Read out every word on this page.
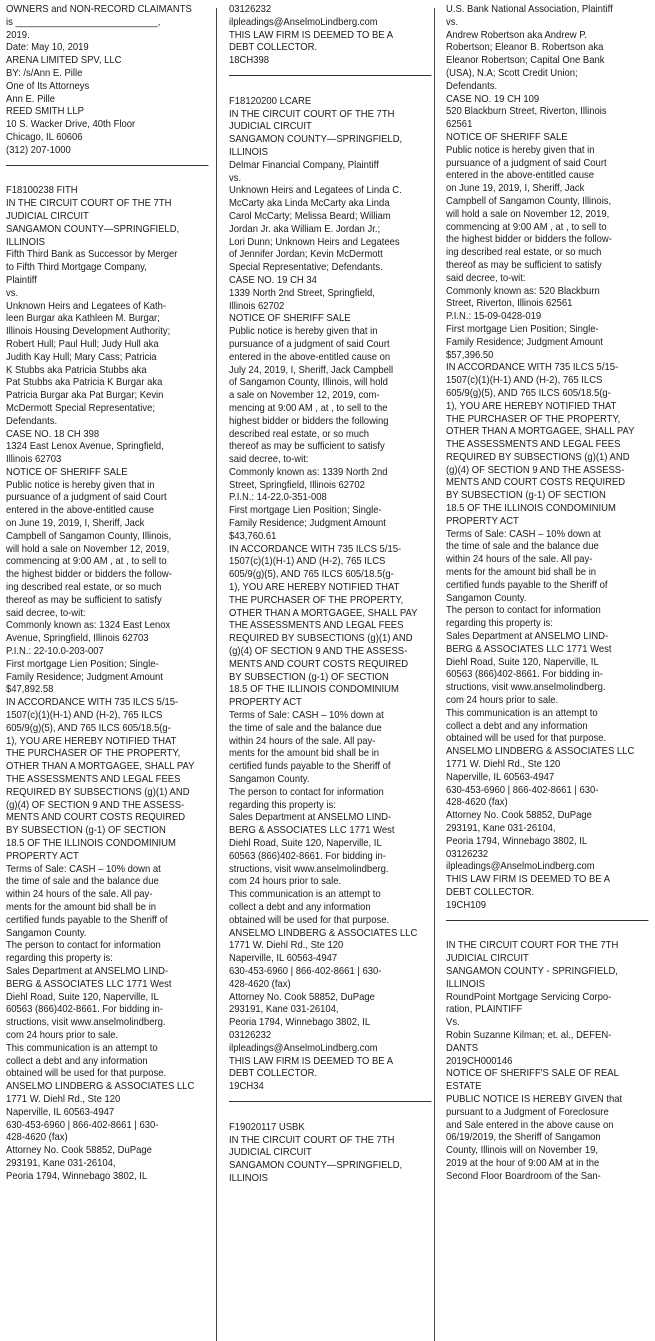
OWNERS and NON-RECORD CLAIMANTS
is ___________________________,
2019.
Date: May 10, 2019
ARENA LIMITED SPV, LLC
BY: /s/Ann E. Pille
One of Its Attorneys
Ann E. Pille
REED SMITH LLP
10 S. Wacker Drive, 40th Floor
Chicago, IL 60606
(312) 207-1000
F18100238 FITH
IN THE CIRCUIT COURT OF THE 7TH
JUDICIAL CIRCUIT
SANGAMON COUNTY—SPRINGFIELD,
ILLINOIS
Fifth Third Bank as Successor by Merger
to Fifth Third Mortgage Company,
Plaintiff
vs.
Unknown Heirs and Legatees of Kath-
leen Burgar aka Kathleen M. Burgar;
Illinois Housing Development Authority;
Robert Hull; Paul Hull; Judy Hull aka
Judith Kay Hull; Mary Cass; Patricia
K Stubbs aka Patricia Stubbs aka
Pat Stubbs aka Patricia K Burgar aka
Patricia Burgar aka Pat Burgar; Kevin
McDermott Special Representative;
Defendants.
CASE NO. 18 CH 398
1324 East Lenox Avenue, Springfield,
Illinois 62703
NOTICE OF SHERIFF SALE
Public notice is hereby given that in
pursuance of a judgment of said Court
entered in the above-entitled cause
on June 19, 2019, I, Sheriff, Jack
Campbell of Sangamon County, Illinois,
will hold a sale on November 12, 2019,
commencing at 9:00 AM , at , to sell to
the highest bidder or bidders the follow-
ing described real estate, or so much
thereof as may be sufficient to satisfy
said decree, to-wit:
Commonly known as: 1324 East Lenox
Avenue, Springfield, Illinois 62703
P.I.N.: 22-10.0-203-007
First mortgage Lien Position; Single-
Family Residence; Judgment Amount
$47,892.58
IN ACCORDANCE WITH 735 ILCS 5/15-
1507(c)(1)(H-1) AND (H-2), 765 ILCS
605/9(g)(5), AND 765 ILCS 605/18.5(g-
1), YOU ARE HEREBY NOTIFIED THAT
THE PURCHASER OF THE PROPERTY,
OTHER THAN A MORTGAGEE, SHALL PAY
THE ASSESSMENTS AND LEGAL FEES
REQUIRED BY SUBSECTIONS (g)(1) AND
(g)(4) OF SECTION 9 AND THE ASSESS-
MENTS AND COURT COSTS REQUIRED
BY SUBSECTION (g-1) OF SECTION
18.5 OF THE ILLINOIS CONDOMINIUM
PROPERTY ACT
Terms of Sale: CASH – 10% down at
the time of sale and the balance due
within 24 hours of the sale. All pay-
ments for the amount bid shall be in
certified funds payable to the Sheriff of
Sangamon County.
The person to contact for information
regarding this property is:
Sales Department at ANSELMO LIND-
BERG & ASSOCIATES LLC 1771 West
Diehl Road, Suite 120, Naperville, IL
60563 (866)402-8661. For bidding in-
structions, visit www.anselmolindberg.
com 24 hours prior to sale.
This communication is an attempt to
collect a debt and any information
obtained will be used for that purpose.
ANSELMO LINDBERG & ASSOCIATES LLC
1771 W. Diehl Rd., Ste 120
Naperville, IL 60563-4947
630-453-6960 | 866-402-8661 | 630-
428-4620 (fax)
Attorney No. Cook 58852, DuPage
293191, Kane 031-26104,
Peoria 1794, Winnebago 3802, IL
03126232
ilpleadings@AnselmoLindberg.com
THIS LAW FIRM IS DEEMED TO BE A
DEBT COLLECTOR.
18CH398
F18120200 LCARE
IN THE CIRCUIT COURT OF THE 7TH
JUDICIAL CIRCUIT
SANGAMON COUNTY—SPRINGFIELD,
ILLINOIS
Delmar Financial Company, Plaintiff
vs.
Unknown Heirs and Legatees of Linda C.
McCarty aka Linda McCarty aka Linda
Carol McCarty; Melissa Beard; William
Jordan Jr. aka William E. Jordan Jr.;
Lori Dunn; Unknown Heirs and Legatees
of Jennifer Jordan; Kevin McDermott
Special Representative; Defendants.
CASE NO. 19 CH 34
1339 North 2nd Street, Springfield,
Illinois 62702
NOTICE OF SHERIFF SALE
Public notice is hereby given that in
pursuance of a judgment of said Court
entered in the above-entitled cause on
July 24, 2019, I, Sheriff, Jack Campbell
of Sangamon County, Illinois, will hold
a sale on November 12, 2019, com-
mencing at 9:00 AM , at , to sell to the
highest bidder or bidders the following
described real estate, or so much
thereof as may be sufficient to satisfy
said decree, to-wit:
Commonly known as: 1339 North 2nd
Street, Springfield, Illinois 62702
P.I.N.: 14-22.0-351-008
First mortgage Lien Position; Single-
Family Residence; Judgment Amount
$43,760.61
IN ACCORDANCE WITH 735 ILCS 5/15-
1507(c)(1)(H-1) AND (H-2), 765 ILCS
605/9(g)(5), AND 765 ILCS 605/18.5(g-
1), YOU ARE HEREBY NOTIFIED THAT
THE PURCHASER OF THE PROPERTY,
OTHER THAN A MORTGAGEE, SHALL PAY
THE ASSESSMENTS AND LEGAL FEES
REQUIRED BY SUBSECTIONS (g)(1) AND
(g)(4) OF SECTION 9 AND THE ASSESS-
MENTS AND COURT COSTS REQUIRED
BY SUBSECTION (g-1) OF SECTION
18.5 OF THE ILLINOIS CONDOMINIUM
PROPERTY ACT
Terms of Sale: CASH – 10% down at
the time of sale and the balance due
within 24 hours of the sale. All pay-
ments for the amount bid shall be in
certified funds payable to the Sheriff of
Sangamon County.
The person to contact for information
regarding this property is:
Sales Department at ANSELMO LIND-
BERG & ASSOCIATES LLC 1771 West
Diehl Road, Suite 120, Naperville, IL
60563 (866)402-8661. For bidding in-
structions, visit www.anselmolindberg.
com 24 hours prior to sale.
This communication is an attempt to
collect a debt and any information
obtained will be used for that purpose.
ANSELMO LINDBERG & ASSOCIATES LLC
1771 W. Diehl Rd., Ste 120
Naperville, IL 60563-4947
630-453-6960 | 866-402-8661 | 630-
428-4620 (fax)
Attorney No. Cook 58852, DuPage
293191, Kane 031-26104,
Peoria 1794, Winnebago 3802, IL
03126232
ilpleadings@AnselmoLindberg.com
THIS LAW FIRM IS DEEMED TO BE A
DEBT COLLECTOR.
19CH34
F19020117 USBK
IN THE CIRCUIT COURT OF THE 7TH
JUDICIAL CIRCUIT
SANGAMON COUNTY—SPRINGFIELD,
ILLINOIS
U.S. Bank National Association, Plaintiff
vs.
Andrew Robertson aka Andrew P.
Robertson; Eleanor B. Robertson aka
Eleanor Robertson; Capital One Bank
(USA), N.A; Scott Credit Union;
Defendants.
CASE NO. 19 CH 109
520 Blackburn Street, Riverton, Illinois
62561
NOTICE OF SHERIFF SALE
Public notice is hereby given that in
pursuance of a judgment of said Court
entered in the above-entitled cause
on June 19, 2019, I, Sheriff, Jack
Campbell of Sangamon County, Illinois,
will hold a sale on November 12, 2019,
commencing at 9:00 AM , at , to sell to
the highest bidder or bidders the follow-
ing described real estate, or so much
thereof as may be sufficient to satisfy
said decree, to-wit:
Commonly known as: 520 Blackburn
Street, Riverton, Illinois 62561
P.I.N.: 15-09-0428-019
First mortgage Lien Position; Single-
Family Residence; Judgment Amount
$57,396.50
IN ACCORDANCE WITH 735 ILCS 5/15-
1507(c)(1)(H-1) AND (H-2), 765 ILCS
605/9(g)(5), AND 765 ILCS 605/18.5(g-
1), YOU ARE HEREBY NOTIFIED THAT
THE PURCHASER OF THE PROPERTY,
OTHER THAN A MORTGAGEE, SHALL PAY
THE ASSESSMENTS AND LEGAL FEES
REQUIRED BY SUBSECTIONS (g)(1) AND
(g)(4) OF SECTION 9 AND THE ASSESS-
MENTS AND COURT COSTS REQUIRED
BY SUBSECTION (g-1) OF SECTION
18.5 OF THE ILLINOIS CONDOMINIUM
PROPERTY ACT
Terms of Sale: CASH – 10% down at
the time of sale and the balance due
within 24 hours of the sale. All pay-
ments for the amount bid shall be in
certified funds payable to the Sheriff of
Sangamon County.
The person to contact for information
regarding this property is:
Sales Department at ANSELMO LIND-
BERG & ASSOCIATES LLC 1771 West
Diehl Road, Suite 120, Naperville, IL
60563 (866)402-8661. For bidding in-
structions, visit www.anselmolindberg.
com 24 hours prior to sale.
This communication is an attempt to
collect a debt and any information
obtained will be used for that purpose.
ANSELMO LINDBERG & ASSOCIATES LLC
1771 W. Diehl Rd., Ste 120
Naperville, IL 60563-4947
630-453-6960 | 866-402-8661 | 630-
428-4620 (fax)
Attorney No. Cook 58852, DuPage
293191, Kane 031-26104,
Peoria 1794, Winnebago 3802, IL
03126232
ilpleadings@AnselmoLindberg.com
THIS LAW FIRM IS DEEMED TO BE A
DEBT COLLECTOR.
19CH109
IN THE CIRCUIT COURT FOR THE 7TH
JUDICIAL CIRCUIT
SANGAMON COUNTY - SPRINGFIELD,
ILLINOIS
RoundPoint Mortgage Servicing Corpo-
ration, PLAINTIFF
Vs.
Robin Suzanne Kilman; et. al., DEFEN-
DANTS
2019CH000146
NOTICE OF SHERIFF'S SALE OF REAL
ESTATE
PUBLIC NOTICE IS HEREBY GIVEN that
pursuant to a Judgment of Foreclosure
and Sale entered in the above cause on
06/19/2019, the Sheriff of Sangamon
County, Illinois will on November 19,
2019 at the hour of 9:00 AM at in the
Second Floor Boardroom of the San-
